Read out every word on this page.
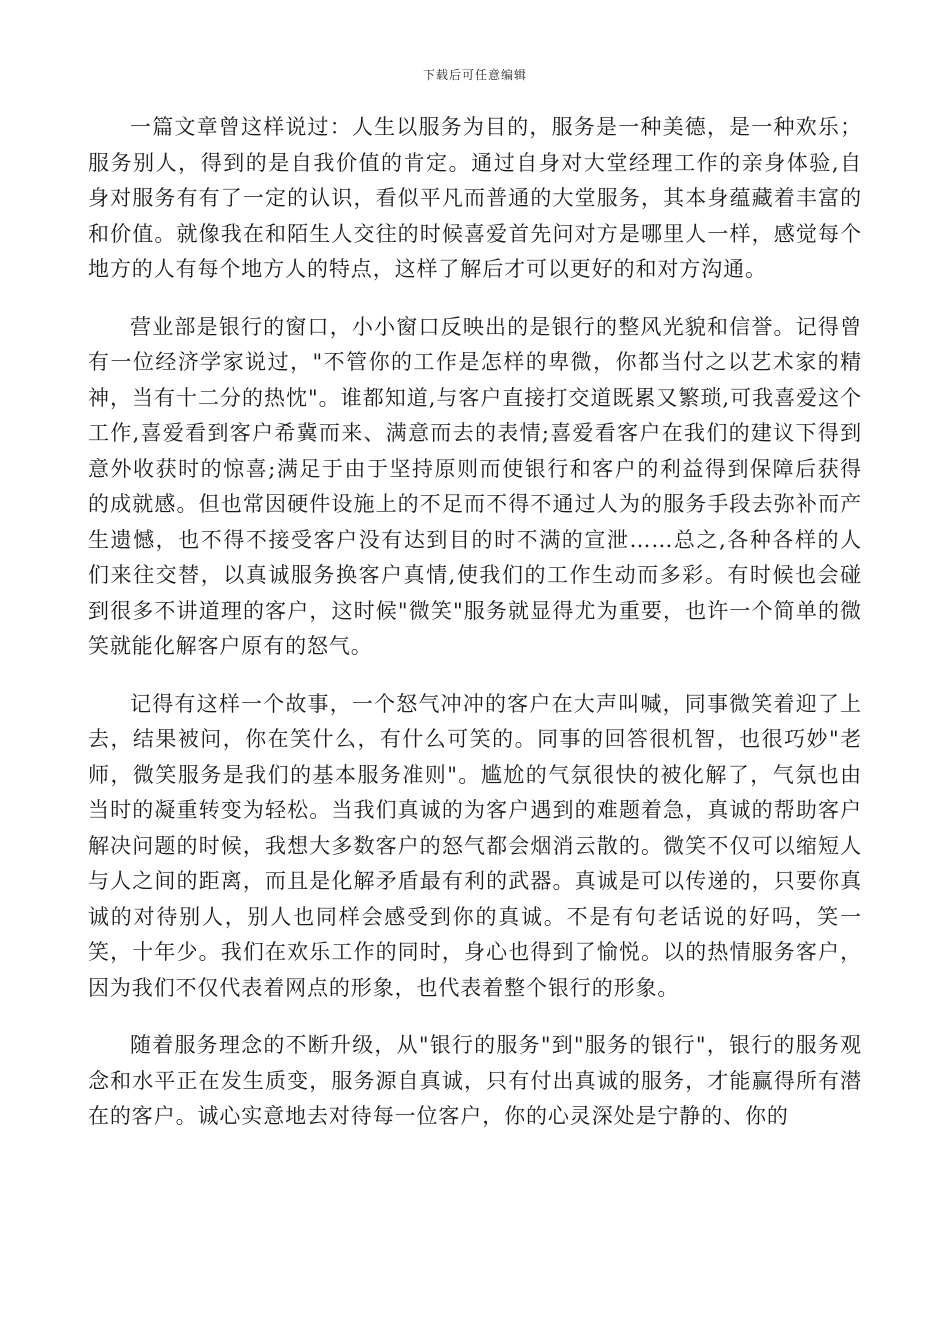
下载后可任意编辑

一篇文章曾这样说过：人生以服务为目的，服务是一种美德，是一种欢乐；服务别人，得到的是自我价值的肯定。通过自身对大堂经理工作的亲身体验,自身对服务有有了一定的认识，看似平凡而普通的大堂服务，其本身蕴藏着丰富的和价值。就像我在和陌生人交往的时候喜爱首先问对方是哪里人一样，感觉每个地方的人有每个地方人的特点，这样了解后才可以更好的和对方沟通。

营业部是银行的窗口，小小窗口反映出的是银行的整风光貌和信誉。记得曾有一位经济学家说过，"不管你的工作是怎样的卑微，你都当付之以艺术家的精神，当有十二分的热忱"。谁都知道,与客户直接打交道既累又繁琐,可我喜爱这个工作,喜爱看到客户希冀而来、满意而去的表情;喜爱看客户在我们的建议下得到意外收获时的惊喜;满足于由于坚持原则而使银行和客户的利益得到保障后获得的成就感。但也常因硬件设施上的不足而不得不通过人为的服务手段去弥补而产生遗憾，也不得不接受客户没有达到目的时不满的宣泄……总之,各种各样的人们来往交替，以真诚服务换客户真情,使我们的工作生动而多彩。有时候也会碰到很多不讲道理的客户，这时候"微笑"服务就显得尤为重要，也许一个简单的微笑就能化解客户原有的怒气。

记得有这样一个故事，一个怒气冲冲的客户在大声叫喊，同事微笑着迎了上去，结果被问，你在笑什么，有什么可笑的。同事的回答很机智，也很巧妙"老师，微笑服务是我们的基本服务准则"。尴尬的气氛很快的被化解了，气氛也由当时的凝重转变为轻松。当我们真诚的为客户遇到的难题着急，真诚的帮助客户解决问题的时候，我想大多数客户的怒气都会烟消云散的。微笑不仅可以缩短人与人之间的距离，而且是化解矛盾最有利的武器。真诚是可以传递的，只要你真诚的对待别人，别人也同样会感受到你的真诚。不是有句老话说的好吗，笑一笑，十年少。我们在欢乐工作的同时，身心也得到了愉悦。以的热情服务客户，因为我们不仅代表着网点的形象，也代表着整个银行的形象。

随着服务理念的不断升级，从"银行的服务"到"服务的银行"，银行的服务观念和水平正在发生质变，服务源自真诚，只有付出真诚的服务，才能赢得所有潜在的客户。诚心实意地去对待每一位客户，你的心灵深处是宁静的、你的
